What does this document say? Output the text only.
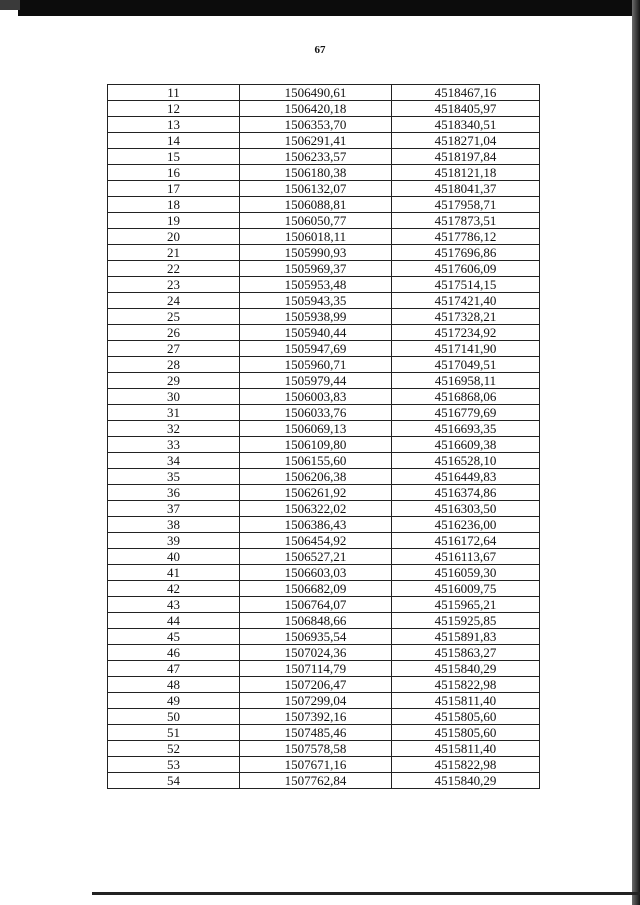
67
11	1506490,61	4518467,16
12	1506420,18	4518405,97
13	1506353,70	4518340,51
14	1506291,41	4518271,04
15	1506233,57	4518197,84
16	1506180,38	4518121,18
17	1506132,07	4518041,37
18	1506088,81	4517958,71
19	1506050,77	4517873,51
20	1506018,11	4517786,12
21	1505990,93	4517696,86
22	1505969,37	4517606,09
23	1505953,48	4517514,15
24	1505943,35	4517421,40
25	1505938,99	4517328,21
26	1505940,44	4517234,92
27	1505947,69	4517141,90
28	1505960,71	4517049,51
29	1505979,44	4516958,11
30	1506003,83	4516868,06
31	1506033,76	4516779,69
32	1506069,13	4516693,35
33	1506109,80	4516609,38
34	1506155,60	4516528,10
35	1506206,38	4516449,83
36	1506261,92	4516374,86
37	1506322,02	4516303,50
38	1506386,43	4516236,00
39	1506454,92	4516172,64
40	1506527,21	4516113,67
41	1506603,03	4516059,30
42	1506682,09	4516009,75
43	1506764,07	4515965,21
44	1506848,66	4515925,85
45	1506935,54	4515891,83
46	1507024,36	4515863,27
47	1507114,79	4515840,29
48	1507206,47	4515822,98
49	1507299,04	4515811,40
50	1507392,16	4515805,60
51	1507485,46	4515805,60
52	1507578,58	4515811,40
53	1507671,16	4515822,98
54	1507762,84	4515840,29
